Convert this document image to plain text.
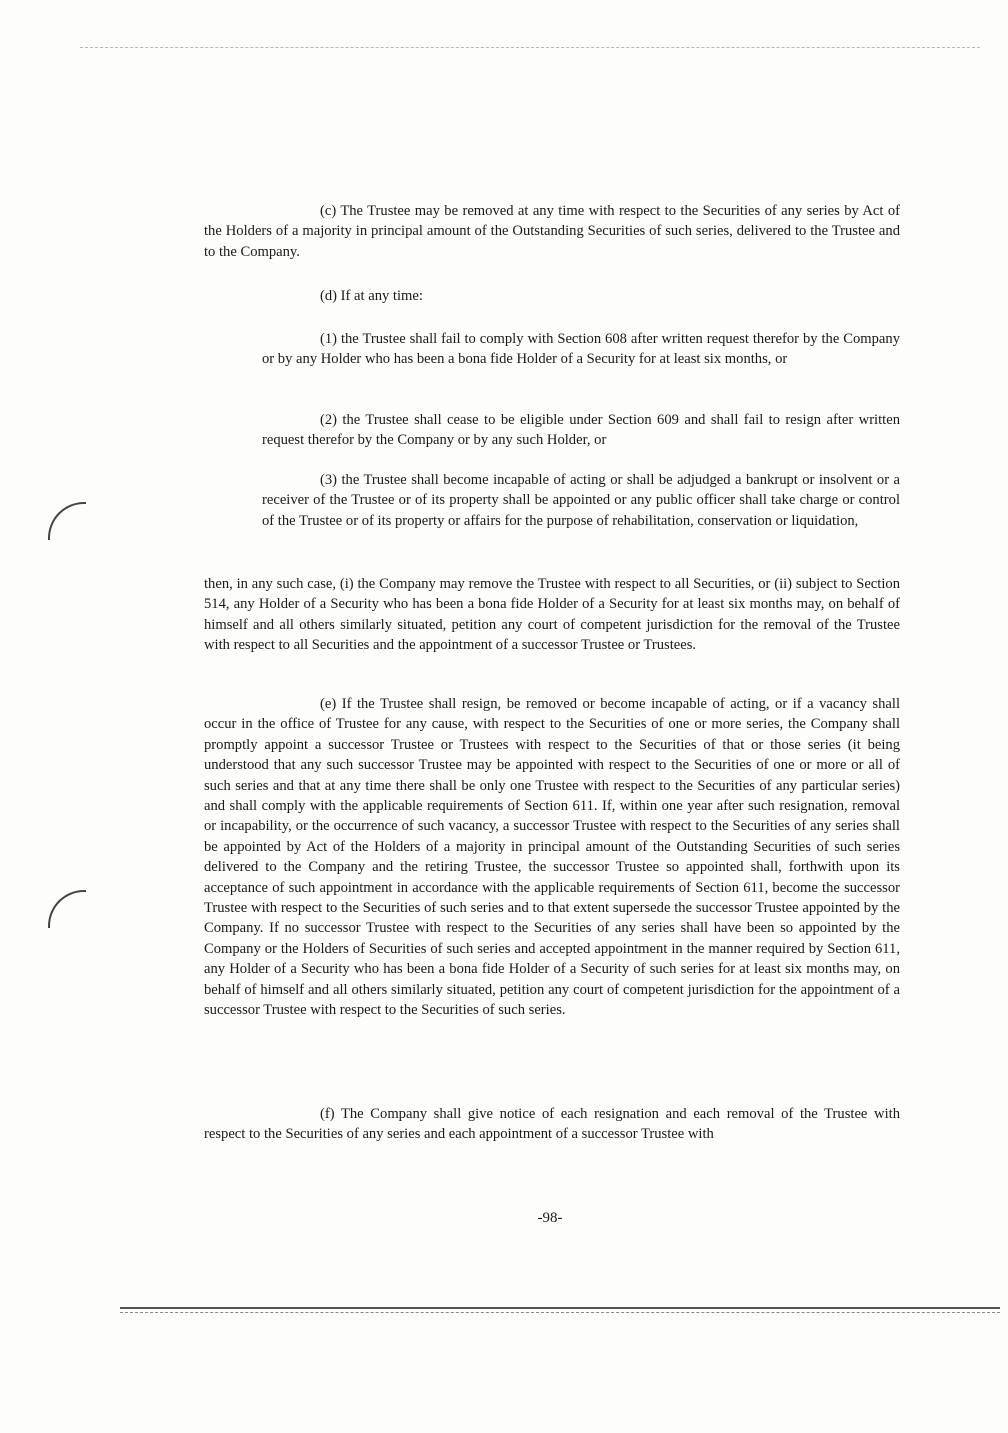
(c) The Trustee may be removed at any time with respect to the Securities of any series by Act of the Holders of a majority in principal amount of the Outstanding Securities of such series, delivered to the Trustee and to the Company.

(d) If at any time:

(1) the Trustee shall fail to comply with Section 608 after written request therefor by the Company or by any Holder who has been a bona fide Holder of a Security for at least six months, or

(2) the Trustee shall cease to be eligible under Section 609 and shall fail to resign after written request therefor by the Company or by any such Holder, or

(3) the Trustee shall become incapable of acting or shall be adjudged a bankrupt or insolvent or a receiver of the Trustee or of its property shall be appointed or any public officer shall take charge or control of the Trustee or of its property or affairs for the purpose of rehabilitation, conservation or liquidation,

then, in any such case, (i) the Company may remove the Trustee with respect to all Securities, or (ii) subject to Section 514, any Holder of a Security who has been a bona fide Holder of a Security for at least six months may, on behalf of himself and all others similarly situated, petition any court of competent jurisdiction for the removal of the Trustee with respect to all Securities and the appointment of a successor Trustee or Trustees.

(e) If the Trustee shall resign, be removed or become incapable of acting, or if a vacancy shall occur in the office of Trustee for any cause, with respect to the Securities of one or more series, the Company shall promptly appoint a successor Trustee or Trustees with respect to the Securities of that or those series (it being understood that any such successor Trustee may be appointed with respect to the Securities of one or more or all of such series and that at any time there shall be only one Trustee with respect to the Securities of any particular series) and shall comply with the applicable requirements of Section 611. If, within one year after such resignation, removal or incapability, or the occurrence of such vacancy, a successor Trustee with respect to the Securities of any series shall be appointed by Act of the Holders of a majority in principal amount of the Outstanding Securities of such series delivered to the Company and the retiring Trustee, the successor Trustee so appointed shall, forthwith upon its acceptance of such appointment in accordance with the applicable requirements of Section 611, become the successor Trustee with respect to the Securities of such series and to that extent supersede the successor Trustee appointed by the Company. If no successor Trustee with respect to the Securities of any series shall have been so appointed by the Company or the Holders of Securities of such series and accepted appointment in the manner required by Section 611, any Holder of a Security who has been a bona fide Holder of a Security of such series for at least six months may, on behalf of himself and all others similarly situated, petition any court of competent jurisdiction for the appointment of a successor Trustee with respect to the Securities of such series.

(f) The Company shall give notice of each resignation and each removal of the Trustee with respect to the Securities of any series and each appointment of a successor Trustee with

-98-
